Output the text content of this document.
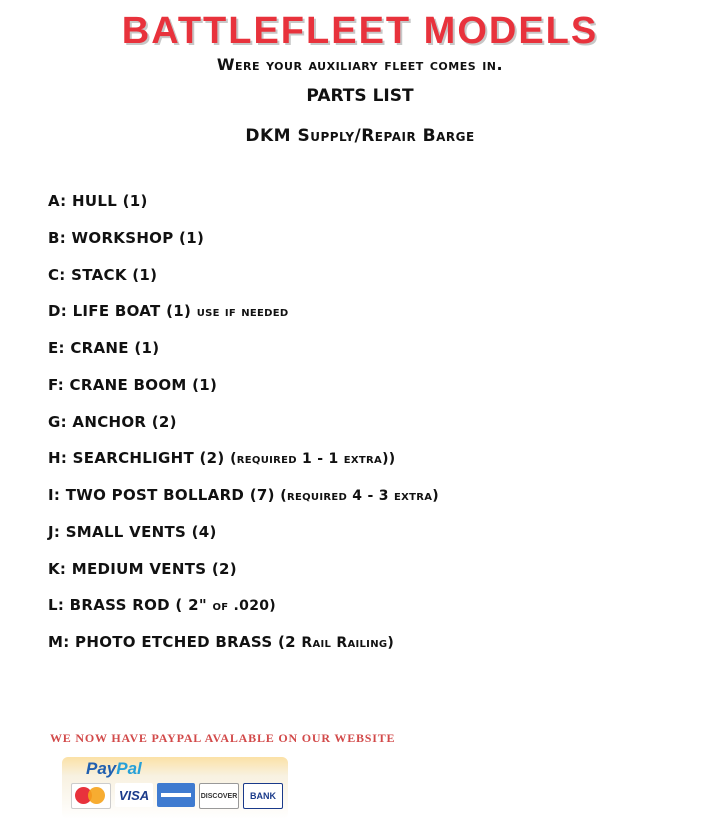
BATTLEFLEET MODELS
Were your auxiliary fleet comes in.
PARTS LIST
DKM Supply/Repair Barge
A: HULL (1)
B: WORKSHOP (1)
C: STACK (1)
D: LIFE BOAT (1) use if needed
E: CRANE (1)
F: CRANE BOOM (1)
G: ANCHOR (2)
H: SEARCHLIGHT (2) (required 1 - 1 extra))
I: TWO POST BOLLARD (7) (required 4 - 3 extra)
J: SMALL VENTS (4)
K: MEDIUM VENTS (2)
L: BRASS ROD ( 2" of .020)
M: PHOTO ETCHED BRASS (2 Rail Railing)
WE NOW HAVE PAYPAL AVALABLE ON OUR WEBSITE
PayPal
VISA	DISCOVER	BANK
